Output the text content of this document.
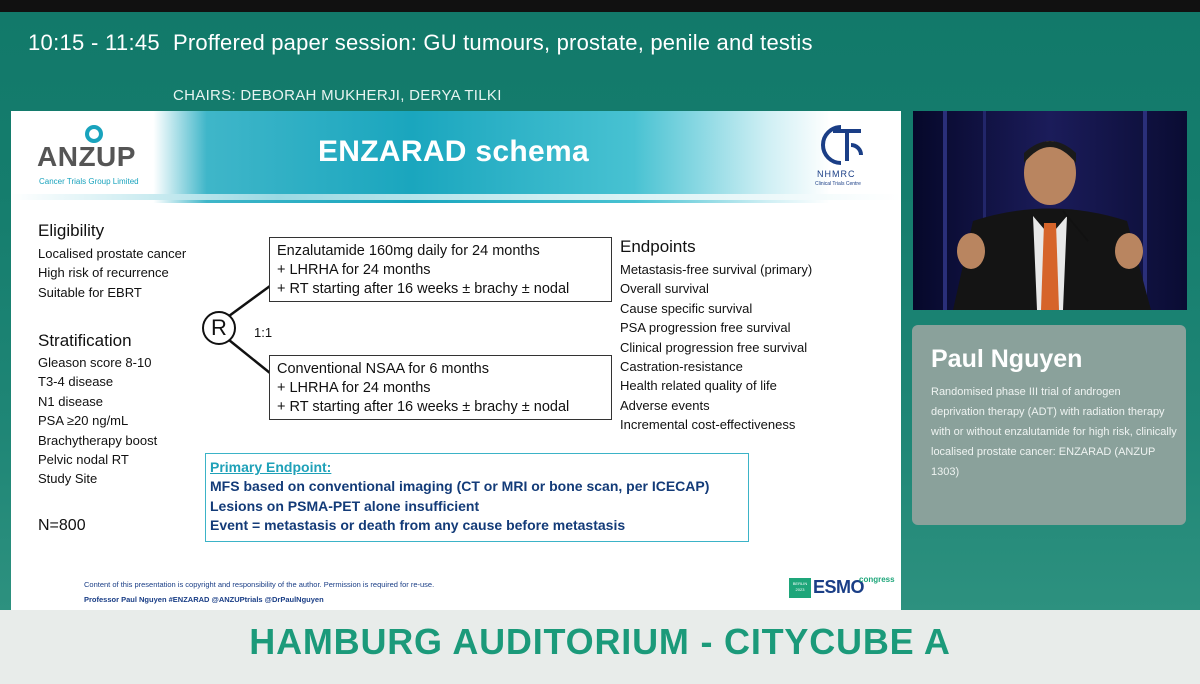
10:15 - 11:45 Proffered paper session: GU tumours, prostate, penile and testis
CHAIRS: DEBORAH MUKHERJI, DERYA TILKI
ANZUP
Cancer Trials Group Limited
ENZARAD schema
NHMRC
Clinical Trials Centre
Eligibility
Localised prostate cancer
High risk of recurrence
Suitable for EBRT
Stratification
Gleason score 8-10
T3-4 disease
N1 disease
PSA ≥20 ng/mL
Brachytherapy boost
Pelvic nodal RT
Study Site
N=800
R	1:1
Enzalutamide 160mg daily for 24 months
+ LHRHA for 24 months
+ RT starting after 16 weeks ± brachy ± nodal
Conventional NSAA for 6 months
+ LHRHA for 24 months
+ RT starting after 16 weeks ± brachy ± nodal
Endpoints
Metastasis-free survival (primary)
Overall survival
Cause specific survival
PSA progression free survival
Clinical progression free survival
Castration-resistance
Health related quality of life
Adverse events
Incremental cost-effectiveness
Primary Endpoint:
MFS based on conventional imaging (CT or MRI or bone scan, per ICECAP)
Lesions on PSMA-PET alone insufficient
Event = metastasis or death from any cause before metastasis
Content of this presentation is copyright and responsibility of the author. Permission is required for re-use.
Professor Paul Nguyen #ENZARAD @ANZUPtrials @DrPaulNguyen
BERLIN 2023 ESMO
congress
Paul Nguyen
Randomised phase III trial of androgen deprivation therapy (ADT) with radiation therapy with or without enzalutamide for high risk, clinically localised prostate cancer: ENZARAD (ANZUP 1303)
HAMBURG AUDITORIUM - CITYCUBE A
